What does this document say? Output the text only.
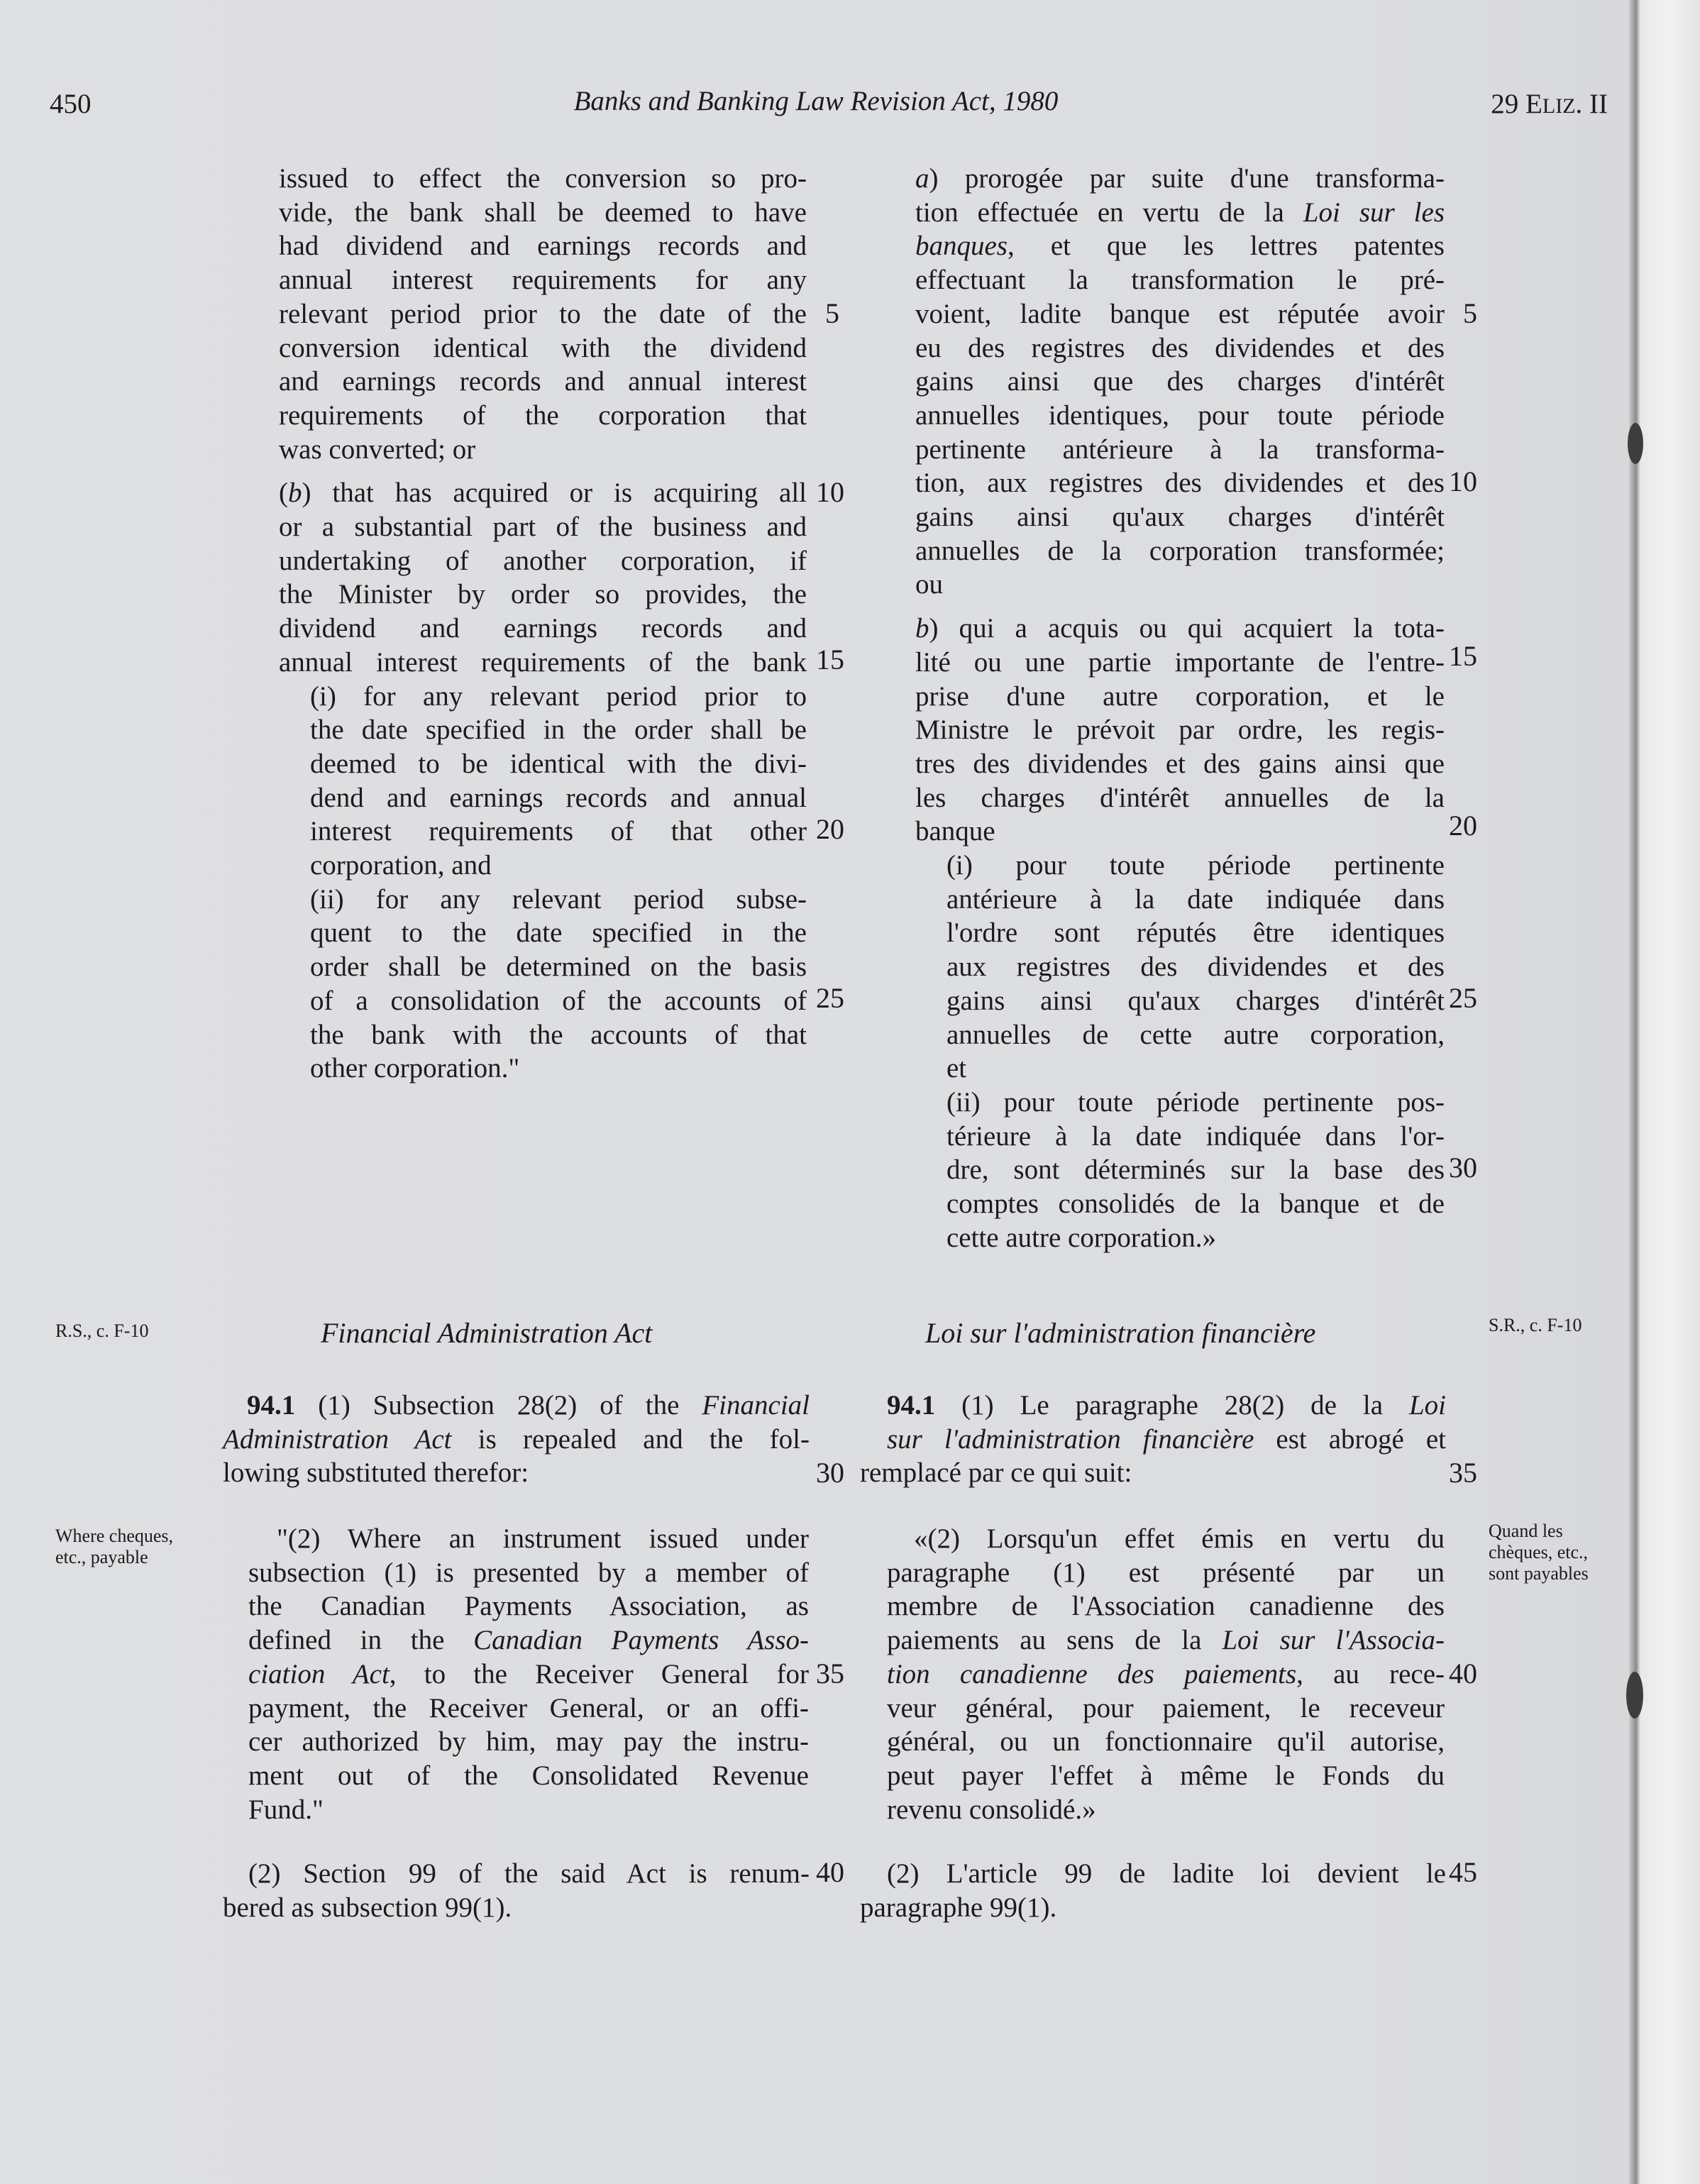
450	Banks and Banking Law Revision Act, 1980	29 ELIZ. II
issued to effect the conversion so pro-
vide, the bank shall be deemed to have
had dividend and earnings records and
annual interest requirements for any
relevant period prior to the date of the
conversion identical with the dividend
and earnings records and annual interest
requirements of the corporation that
was converted; or
(b) that has acquired or is acquiring all
or a substantial part of the business and
undertaking of another corporation, if
the Minister by order so provides, the
dividend and earnings records and
annual interest requirements of the bank
(i) for any relevant period prior to
the date specified in the order shall be
deemed to be identical with the divi-
dend and earnings records and annual
interest requirements of that other
corporation, and
(ii) for any relevant period subse-
quent to the date specified in the
order shall be determined on the basis
of a consolidation of the accounts of
the bank with the accounts of that
other corporation."
a) prorogée par suite d'une transforma-
tion effectuée en vertu de la Loi sur les
banques, et que les lettres patentes
effectuant la transformation le pré-
voient, ladite banque est réputée avoir
eu des registres des dividendes et des
gains ainsi que des charges d'intérêt
annuelles identiques, pour toute période
pertinente antérieure à la transforma-
tion, aux registres des dividendes et des
gains ainsi qu'aux charges d'intérêt
annuelles de la corporation transformée;
ou
b) qui a acquis ou qui acquiert la tota-
lité ou une partie importante de l'entre-
prise d'une autre corporation, et le
Ministre le prévoit par ordre, les regis-
tres des dividendes et des gains ainsi que
les charges d'intérêt annuelles de la
banque
(i) pour toute période pertinente
antérieure à la date indiquée dans
l'ordre sont réputés être identiques
aux registres des dividendes et des
gains ainsi qu'aux charges d'intérêt
annuelles de cette autre corporation,
et
(ii) pour toute période pertinente pos-
térieure à la date indiquée dans l'or-
dre, sont déterminés sur la base des
comptes consolidés de la banque et de
cette autre corporation.»
5
10
15
20
25
30
35
40
5
10
15
20
25
30
35
40
45
R.S., c. F-10	Financial Administration Act	Loi sur l'administration financière	S.R., c. F-10
94.1 (1) Subsection 28(2) of the Financial
Administration Act is repealed and the fol-
lowing substituted therefor:
94.1 (1) Le paragraphe 28(2) de la Loi
sur l'administration financière est abrogé et
remplacé par ce qui suit:
Where cheques,
etc., payable
Quand les
chèques, etc.,
sont payables
"(2) Where an instrument issued under
subsection (1) is presented by a member of
the Canadian Payments Association, as
defined in the Canadian Payments Asso-
ciation Act, to the Receiver General for
payment, the Receiver General, or an offi-
cer authorized by him, may pay the instru-
ment out of the Consolidated Revenue
Fund."
«(2) Lorsqu'un effet émis en vertu du
paragraphe (1) est présenté par un
membre de l'Association canadienne des
paiements au sens de la Loi sur l'Associa-
tion canadienne des paiements, au rece-
veur général, pour paiement, le receveur
général, ou un fonctionnaire qu'il autorise,
peut payer l'effet à même le Fonds du
revenu consolidé.»
(2) Section 99 of the said Act is renum-
bered as subsection 99(1).
(2) L'article 99 de ladite loi devient le
paragraphe 99(1).
